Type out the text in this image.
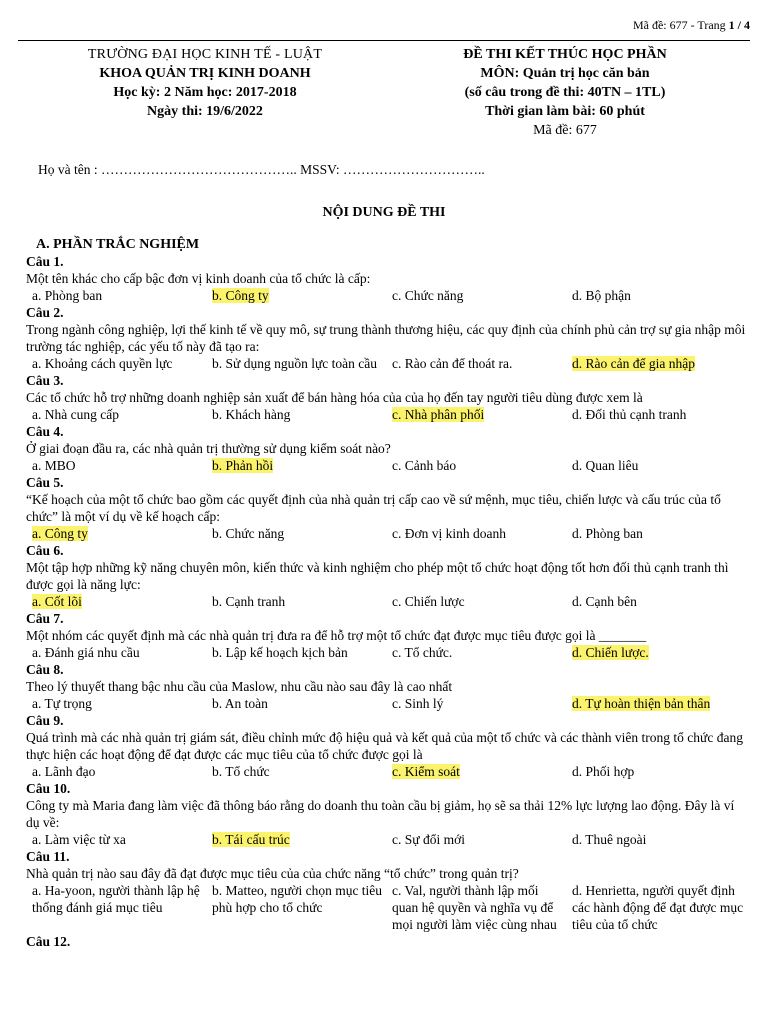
Mã đề: 677 - Trang 1 / 4
TRƯỜNG ĐẠI HỌC KINH TẾ - LUẬT
KHOA QUẢN TRỊ KINH DOANH
Học kỳ: 2 Năm học: 2017-2018
Ngày thi: 19/6/2022
ĐỀ THI KẾT THÚC HỌC PHẦN
MÔN: Quản trị học căn bản
(số câu trong đề thi: 40TN – 1TL)
Thời gian làm bài: 60 phút
Mã đề: 677
Họ và tên : …………………………………….. MSSV: …………………………..
NỘI DUNG ĐỀ THI
A. PHẦN TRẮC NGHIỆM
Câu 1.
Một tên khác cho cấp bậc đơn vị kinh doanh của tổ chức là cấp:
a. Phòng ban	b. Công ty	c. Chức năng	d. Bộ phận
Câu 2.
Trong ngành công nghiệp, lợi thế kinh tế về quy mô, sự trung thành thương hiệu, các quy định của chính phủ cản trợ sự gia nhập môi trường tác nghiệp, các yếu tố này đã tạo ra:
a. Khoảng cách quyền lực	b. Sử dụng nguồn lực toàn cầu	c. Rào cản để thoát ra.	d. Rào cản để gia nhập
Câu 3.
Các tổ chức hỗ trợ những doanh nghiệp sản xuất để bán hàng hóa của của họ đến tay người tiêu dùng được xem là
a. Nhà cung cấp	b. Khách hàng	c. Nhà phân phối	d. Đối thủ cạnh tranh
Câu 4.
Ở giai đoạn đầu ra, các nhà quản trị thường sử dụng kiểm soát nào?
a. MBO	b. Phản hồi	c. Cảnh báo	d. Quan liêu
Câu 5.
“Kế hoạch của một tổ chức bao gồm các quyết định của nhà quản trị cấp cao về sứ mệnh, mục tiêu, chiến lược và cấu trúc của tổ chức” là một ví dụ về kế hoạch cấp:
a. Công ty	b. Chức năng	c. Đơn vị kinh doanh	d. Phòng ban
Câu 6.
Một tập hợp những kỹ năng chuyên môn, kiến thức và kinh nghiệm cho phép một tổ chức hoạt động tốt hơn đối thủ cạnh tranh thì được gọi là năng lực:
a. Cốt lõi	b. Cạnh tranh	c. Chiến lược	d. Cạnh bên
Câu 7.
Một nhóm các quyết định mà các nhà quản trị đưa ra để hỗ trợ một tổ chức đạt được mục tiêu được gọi là _______
a. Đánh giá nhu cầu	b. Lập kế hoạch kịch bản	c. Tổ chức.	d. Chiến lược.
Câu 8.
Theo lý thuyết thang bậc nhu cầu của Maslow, nhu cầu nào sau đây là cao nhất
a. Tự trọng	b. An toàn	c. Sinh lý	d. Tự hoàn thiện bản thân
Câu 9.
Quá trình mà các nhà quản trị giám sát, điều chỉnh mức độ hiệu quả và kết quả của một tổ chức và các thành viên trong tổ chức đang thực hiện các hoạt động để đạt được các mục tiêu của tổ chức được gọi là
a. Lãnh đạo	b. Tổ chức	c. Kiểm soát	d. Phối hợp
Câu 10.
Công ty mà Maria đang làm việc đã thông báo rằng do doanh thu toàn cầu bị giảm, họ sẽ sa thải 12% lực lượng lao động. Đây là ví dụ về:
a. Làm việc từ xa	b. Tái cấu trúc	c. Sự đổi mới	d. Thuê ngoài
Câu 11.
Nhà quản trị nào sau đây đã đạt được mục tiêu của của chức năng “tổ chức” trong quản trị?
a. Ha-yoon, người thành lập hệ thống đánh giá mục tiêu
b. Matteo, người chọn mục tiêu phù hợp cho tổ chức
c. Val, người thành lập mối quan hệ quyền và nghĩa vụ để mọi người làm việc cùng nhau
d. Henrietta, người quyết định các hành động để đạt được mục tiêu của tổ chức
Câu 12.
